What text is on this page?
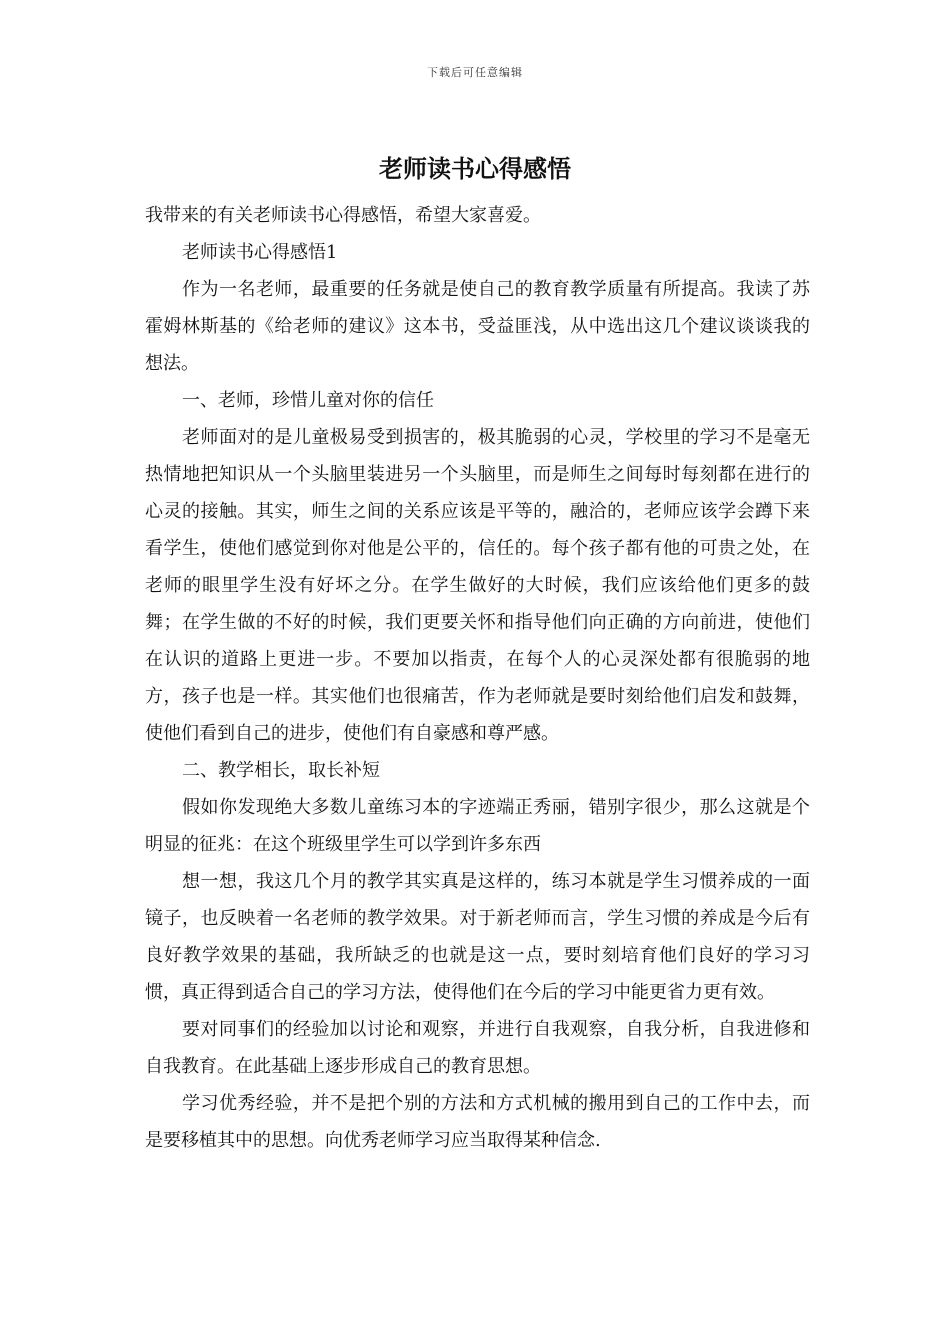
下载后可任意编辑
老师读书心得感悟

我带来的有关老师读书心得感悟，希望大家喜爱。

老师读书心得感悟1

作为一名老师，最重要的任务就是使自己的教育教学质量有所提高。我读了苏霍姆林斯基的《给老师的建议》这本书，受益匪浅，从中选出这几个建议谈谈我的想法。

一、老师，珍惜儿童对你的信任

老师面对的是儿童极易受到损害的，极其脆弱的心灵，学校里的学习不是毫无热情地把知识从一个头脑里装进另一个头脑里，而是师生之间每时每刻都在进行的心灵的接触。其实，师生之间的关系应该是平等的，融洽的，老师应该学会蹲下来看学生，使他们感觉到你对他是公平的，信任的。每个孩子都有他的可贵之处，在老师的眼里学生没有好坏之分。在学生做好的大时候，我们应该给他们更多的鼓舞；在学生做的不好的时候，我们更要关怀和指导他们向正确的方向前进，使他们在认识的道路上更进一步。不要加以指责，在每个人的心灵深处都有很脆弱的地方，孩子也是一样。其实他们也很痛苦，作为老师就是要时刻给他们启发和鼓舞，使他们看到自己的进步，使他们有自豪感和尊严感。

二、教学相长，取长补短

假如你发现绝大多数儿童练习本的字迹端正秀丽，错别字很少，那么这就是个明显的征兆：在这个班级里学生可以学到许多东西

想一想，我这几个月的教学其实真是这样的，练习本就是学生习惯养成的一面镜子，也反映着一名老师的教学效果。对于新老师而言，学生习惯的养成是今后有良好教学效果的基础，我所缺乏的也就是这一点，要时刻培育他们良好的学习习惯，真正得到适合自己的学习方法，使得他们在今后的学习中能更省力更有效。

要对同事们的经验加以讨论和观察，并进行自我观察，自我分析，自我进修和自我教育。在此基础上逐步形成自己的教育思想。

学习优秀经验，并不是把个别的方法和方式机械的搬用到自己的工作中去，而是要移植其中的思想。向优秀老师学习应当取得某种信念.
